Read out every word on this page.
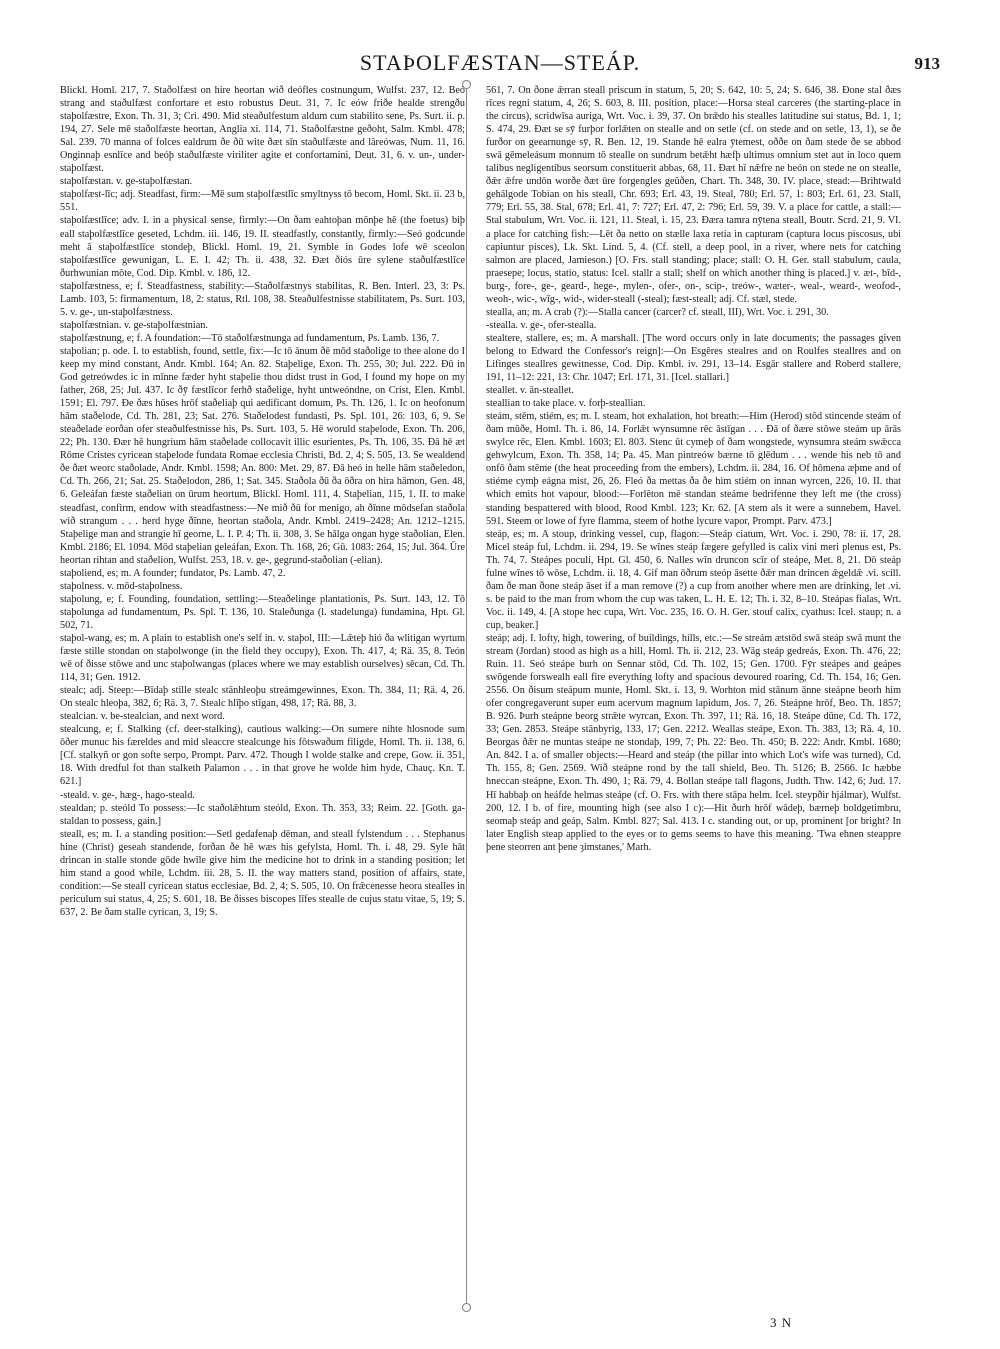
STAÞOLFÆSTAN—STEÁP.	913

Blickl. Homl. 217, 7. Staðolfæst on hire heortan wið deófles costnungum, Wulfst. 237, 12. Beó strang and staðulfæst confortare et esto robustus Deut. 31, 7. Ic eów friðe healde strengðu staþolfæstre, Exon. Th. 31, 3; Cri. 490. Mid steaðulfestum aldum cum stabilito sene, Ps. Surt. ii. p. 194, 27. Sele mē staðolfæste heortan, Anglia xi. 114, 71. Staðolfæstne geðoht, Salm. Kmbl. 478; Sal. 239. 70 manna of folces ealdrum ðe ðū wite ðæt sīn staðulfæste and lāreówas, Num. 11, 16. Onginnaþ esnlīce and beóþ staðulfæste viriliter agite et confortamini, Deut. 31, 6. v. un-, under-staþolfæst.

staþolfæstan. v. ge-staþolfæstan.

staþolfæst-līc; adj. Steadfast, firm:—Mē sum staþolfæstlīc smyltnyss tō becom, Homl. Skt. ii. 23 b, 551.

staþolfæstlīce; adv. I. in a physical sense, firmly:—On ðam eahtoþan mōnþe hē (the foetus) biþ eall staþolfæstlīce geseted, Lchdm. iii. 146, 19. II. steadfastly, constantly, firmly:—Seó godcunde meht ā staþolfæstlīce stondeþ, Blickl. Homl. 19, 21. Symble in Godes lofe wē sceolon staþolfæstlīce gewunigan, L. E. I. 42; Th. ii. 438, 32. Ðæt ðiós ūre sylene staðulfæstlīce ðurhwunian mōte, Cod. Dip. Kmbl. v. 186, 12.

staþolfæstness, e; f. Steadfastness, stability:—Staðolfæstnys stabilitas, R. Ben. Interl. 23, 3: Ps. Lamb. 103, 5: firmamentum, 18, 2: status, Rtl. 108, 38. Steaðulfestnisse stabilitatem, Ps. Surt. 103, 5. v. ge-, un-staþolfæstness.

staþolfæstnian. v. ge-staþolfæstnian.

staþolfæstnung, e; f. A foundation:—Tō staðolfæstnunga ad fundamentum, Ps. Lamb. 136, 7.

staþolian; p. ode. I. to establish, found, settle, fix:—Ic tō ānum ðē mōd staðolige to thee alone do I keep my mind constant, Andr. Kmbl. 164; An. 82. Staþelige, Exon. Th. 255, 30; Jul. 222. Ðū in God getreówdes ic in mīnne fæder hyht staþelie thou didst trust in God, I found my hope on my father, 268, 25; Jul. 437. Ic ðȳ fæstlīcor ferhð staðelige, hyht untweóndne, on Crist, Elen. Kmbl. 1591; El. 797. Ðe ðæs hūses hrōf staðeliaþ qui aedificant domum, Ps. Th. 126, 1. Ic on heofonum hām staðelode, Cd. Th. 281, 23; Sat. 276. Staðelodest fundasti, Ps. Spl. 101, 26: 103, 6, 9. Se steaðelade eorðan ofer steaðulfestnisse his, Ps. Surt. 103, 5. Hē woruld staþelode, Exon. Th. 206, 22; Ph. 130. Ðær hē hungrium hām staðelade collocavit illic esurientes, Ps. Th. 106, 35. Ðā hē æt Rōme Cristes cyricean staþelode fundata Romae ecclesia Christi, Bd. 2, 4; S. 505, 13. Se wealdend ðe ðæt weorc staðolade, Andr. Kmbl. 1598; An. 800: Met. 29, 87. Ðā heó in helle hām staðeledon, Cd. Th. 266, 21; Sat. 25. Staðelodon, 286, 1; Sat. 345. Staðola ðū ða ōðra on hira hāmon, Gen. 48, 6. Geleáfan fæste staðelian on ūrum heortum, Blickl. Homl. 111, 4. Staþelian, 115, 1. II. to make steadfast, confirm, endow with steadfastness:—Ne mið ðū for menigo, ah ðīnne mōdsefan staðola wið strangum . . . herd hyge ðīnne, heortan staðola, Andr. Kmbl. 2419–2428; An. 1212–1215. Staþelige man and strangie hī georne, L. I. P. 4; Th. ii. 308, 3. Se hālga ongan hyge staðolian, Elen. Kmbl. 2186; El. 1094. Mōd staþelian geleáfan, Exon. Th. 168, 26; Gū. 1083: 264, 15; Jul. 364. Ūre heortan rihtan and staðelion, Wulfst. 253, 18. v. ge-, gegrund-staðolian (-elian).

staþoliend, es; m. A founder; fundator, Ps. Lamb. 47, 2.

staþolness. v. mōd-staþolness.

staþolung, e; f. Founding, foundation, settling:—Steaðelinge plantationis, Ps. Surt. 143, 12. Tō staþolunga ad fundamentum, Ps. Spl. T. 136, 10. Staleðunga (l. stadelunga) fundamina, Hpt. Gl. 502, 71.

staþol-wang, es; m. A plain to establish one's self in. v. staþol, III:—Lǣteþ hió ða wlitigan wyrtum fæste stille stondan on staþolwonge (in the field they occupy), Exon. Th. 417, 4; Rä. 35, 8. Teón wē of ðisse stōwe and unc staþolwangas (places where we may establish ourselves) sēcan, Cd. Th. 114, 31; Gen. 1912.

stealc; adj. Steep:—Bīdaþ stille stealc stānhleoþu streámgewinnes, Exon. Th. 384, 11; Rä. 4, 26. On stealc hleoþa, 382, 6; Rä. 3, 7. Stealc hlīþo stīgan, 498, 17; Rä. 88, 3.

stealcian. v. be-stealcian, and next word.

stealcung, e; f. Stalking (cf. deer-stalking), cautious walking:—On sumere nihte hlosnode sum ōðer munuc his færeldes and mid sleaccre stealcunge his fōtswaðum filigde, Homl. Th. ii. 138, 6. [Cf. stalkyñ or gon softe serpo, Prompt. Parv. 472. Though I wolde stalke and crepe, Gow. ii. 351, 18. With dredful fot than stalketh Palamon . . . in that grove he wolde him hyde, Chauç. Kn. T. 621.]

-steald. v. ge-, hæg-, hago-steald.

stealdan; p. steóld To possess:—Ic staðolǣhtum steóld, Exon. Th. 353, 33; Reim. 22. [Goth. ga-staldan to possess, gain.]

steall, es; m. I. a standing position:—Setl gedafenaþ dēman, and steall fylstendum . . . Stephanus hine (Christ) geseah standende, forðan ðe hē wæs his gefylsta, Homl. Th. i. 48, 29. Syle hāt drincan in stalle stonde gōde hwīle give him the medicine hot to drink in a standing position; let him stand a good while, Lchdm. iii. 28, 5. II. the way matters stand, position of affairs, state, condition:—Se steall cyricean status ecclesiae, Bd. 2, 4; S. 505, 10. On frǣcenesse heora stealles in periculum sui status, 4, 25; S. 601, 18. Be ðisses biscopes līfes stealle de cujus statu vitae, 5, 19; S. 637, 2. Be ðam stalle cyrican, 3, 19; S.

561, 7. On ðone ǣrran steall priscum in statum, 5, 20; S. 642, 10: 5, 24; S. 646, 38. Ðone stal ðæs rīces regni statum, 4, 26; S. 603, 8. III. position, place:—Horsa steal carceres (the starting-place in the circus), scridwīsa auriga, Wrt. Voc. i. 39, 37. On brǣdo his stealles latitudine sui status, Bd. 1, 1; S. 474, 29. Ðæt se sȳ furþor forlǣten on stealle and on setle (cf. on stede and on setle, 13, 1), se ðe furðor on geearnunge sȳ, R. Ben. 12, 19. Stande hē ealra ȳtemest, oððe on ðam stede ðe se abbod swā gēmeleásum monnum tō stealle on sundrum betǣht hæfþ ultimus omnium stet aut in loco quem talibus negligentibus seorsum constituerit abbas, 68, 11. Ðæt hī nǣfre ne beón on stede ne on stealle, ðǣr ǣfre undōn worðe ðæt ūre forgengles geūðen, Chart. Th. 348, 30. IV. place, stead:—Brihtwald gehālgode Tobian on his steall, Chr. 693; Erl. 43, 19. Steal, 780; Erl. 57, 1: 803; Erl. 61, 23. Stall, 779; Erl. 55, 38. Stal, 678; Erl. 41, 7: 727; Erl. 47, 2: 796; Erl. 59, 39. V. a place for cattle, a stall:—Stal stabulum, Wrt. Voc. ii. 121, 11. Steal, i. 15, 23. Ðæra tamra nȳtena steall, Boutr. Scrd. 21, 9. VI. a place for catching fish:—Lēt ða netto on stælle laxa retia in capturam (captura locus piscosus, ubi capiuntur pisces), Lk. Skt. Lind. 5, 4. (Cf. stell, a deep pool, in a river, where nets for catching salmon are placed, Jamieson.) [O. Frs. stall standing; place; stall: O. H. Ger. stall stabulum, caula, praesepe; locus, statio, status: Icel. stallr a stall; shelf on which another thing is placed.] v. æt-, bīd-, burg-, fore-, ge-, geard-, hege-, mylen-, ofer-, on-, scip-, treów-, wæter-, weal-, weard-, weofod-, weoh-, wic-, wīg-, wid-, wider-steall (-steal); fæst-steall; adj. Cf. stæl, stede.

stealla, an; m. A crab (?):—Stalla cancer (carcer? cf. steall, III), Wrt. Voc. i. 291, 30.

-stealla. v. ge-, ofer-stealla.

stealtere, stallere, es; m. A marshall. [The word occurs only in late documents; the passages given belong to Edward the Confessor's reign]:—On Esgēres stealres and on Roulfes steallres and on Lifinges steallres gewitnesse, Cod. Dip. Kmbl. iv. 291, 13–14. Esgār stallere and Roberd stallere, 191, 11–12: 221, 13: Chr. 1047; Erl. 171, 31. [Icel. stallari.]

steallet. v. ān-steallet.

steallian to take place. v. forþ-steallian.

steám, stēm, stiém, es; m. I. steam, hot exhalation, hot breath:—Him (Herod) stōd stincende steám of ðam mūðe, Homl. Th. i. 86, 14. Forlǣt wynsumne rēc āstīgan . . . Ðā of ðære stōwe steám up ārās swylce rēc, Elen. Kmbl. 1603; El. 803. Stenc ūt cymeþ of ðam wongstede, wynsumra steám swǣcca gehwylcum, Exon. Th. 358, 14; Pa. 45. Man pintreów bærne tō glēdum . . . wende his neb tō and onfō ðam stēme (the heat proceeding from the embers), Lchdm. ii. 284, 16. Of hōmena æþme and of stiéme cymþ eágna mist, 26, 26. Fleó ða mettas ða ðe him stiém on innan wyrcen, 226, 10. II. that which emits hot vapour, blood:—Forlēton mē standan steáme bedrifenne they left me (the cross) standing bespattered with blood, Rood Kmbl. 123; Kr. 62. [A stem als it were a sunnebem, Havel. 591. Steem or lowe of fyre flamma, steem of hothe lycure vapor, Prompt. Parv. 473.]

steáp, es; m. A stoup, drinking vessel, cup, flagon:—Steáp ciatum, Wrt. Voc. i. 290, 78: ii. 17, 28. Micel steáp ful, Lchdm. ii. 294, 19. Se wīnes steáp fægere gefylled is calix vini meri plenus est, Ps. Th. 74, 7. Steápes poculi, Hpt. Gl. 450, 6. Nalles wīn druncon scīr of steápe, Met. 8, 21. Dō steáp fulne wīnes tō wōse, Lchdm. ii. 18, 4. Gif man ōðrum steóp āsette ðǣr man drincen ǣgeldǣ .vi. scill. ðam ðe man ðone steáp āset if a man remove (?) a cup from another where men are drinking, let .vi. s. be paid to the man from whom the cup was taken, L. H. E. 12; Th. i. 32, 8–10. Steápas fialas, Wrt. Voc. ii. 149, 4. [A stope hec cupa, Wrt. Voc. 235, 16. O. H. Ger. stouf calix, cyathus: Icel. staup; n. a cup, beaker.]

steáp; adj. I. lofty, high, towering, of buildings, hills, etc.:—Se streám ætstōd swā steáp swā munt the stream (Jordan) stood as high as a hill, Homl. Th. ii. 212, 23. Wāg steáp gedreás, Exon. Th. 476, 22; Ruin. 11. Seó steápe burh on Sennar stōd, Cd. Th. 102, 15; Gen. 1700. Fȳr steápes and geápes swōgende forswealh eall fire everything lofty and spacious devoured roaring, Cd. Th. 154, 16; Gen. 2556. On ðisum steápum munte, Homl. Skt. i. 13, 9. Worhton mid stānum ānne steápne beorh him ofer congregaverunt super eum acervum magnum lapidum, Jos. 7, 26. Steápne hrōf, Beo. Th. 1857; B. 926. Þurh steápne beorg strǣte wyrcan, Exon. Th. 397, 11; Rä. 16, 18. Steápe dūne, Cd. Th. 172, 33; Gen. 2853. Steápe stānbyrig, 133, 17; Gen. 2212. Weallas steápe, Exon. Th. 383, 13; Rä. 4, 10. Beorgas ðǣr ne muntas steápe ne stondaþ, 199, 7; Ph. 22: Beo. Th. 450; B. 222: Andr. Kmbl. 1680; An. 842. I a. of smaller objects:—Heard and steáp (the pillar into which Lot's wife was turned), Cd. Th. 155, 8; Gen. 2569. Wið steápne rond by the tall shield, Beo. Th. 5126; B. 2566. Ic hæbbe hneccan steápne, Exon. Th. 490, 1; Rä. 79, 4. Bollan steápe tall flagons, Judth. Thw. 142, 6; Jud. 17. Hī habbaþ on heáfde helmas steápe (cf. O. Frs. with there stāpa helm. Icel. steypðir hjálmar), Wulfst. 200, 12. I b. of fire, mounting high (see also I c):—Hit ðurh hrōf wādeþ, bærneþ boldgetimbru, seomaþ steáp and geáp, Salm. Kmbl. 827; Sal. 413. I c. standing out, or up, prominent [or bright? In later English steap applied to the eyes or to gems seems to have this meaning. 'Twa ehnen steappre þene steorren ant þene ȝimstanes,' Marh.

3 N
